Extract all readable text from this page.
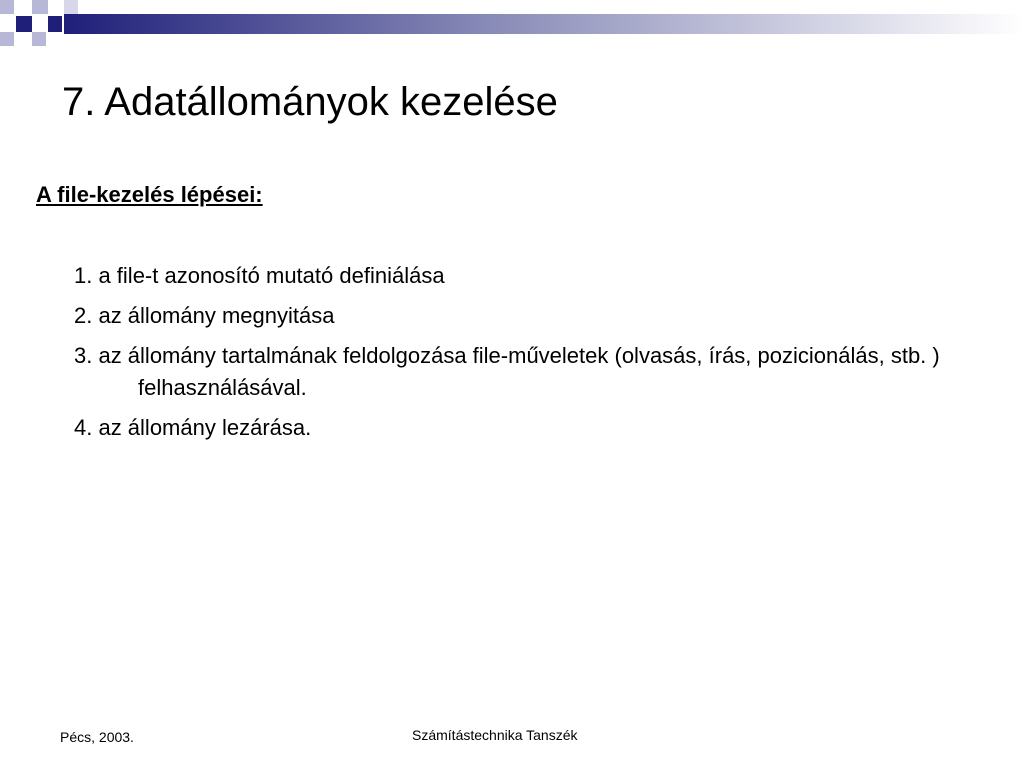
7. Adatállományok kezelése
A file-kezelés lépései:
1. a file-t azonosító mutató definiálása
2. az állomány megnyitása
3. az állomány tartalmának feldolgozása file-műveletek (olvasás, írás, pozicionálás, stb. ) felhasználásával.
4. az állomány lezárása.
Pécs, 2003.	Számítástechnika Tanszék
